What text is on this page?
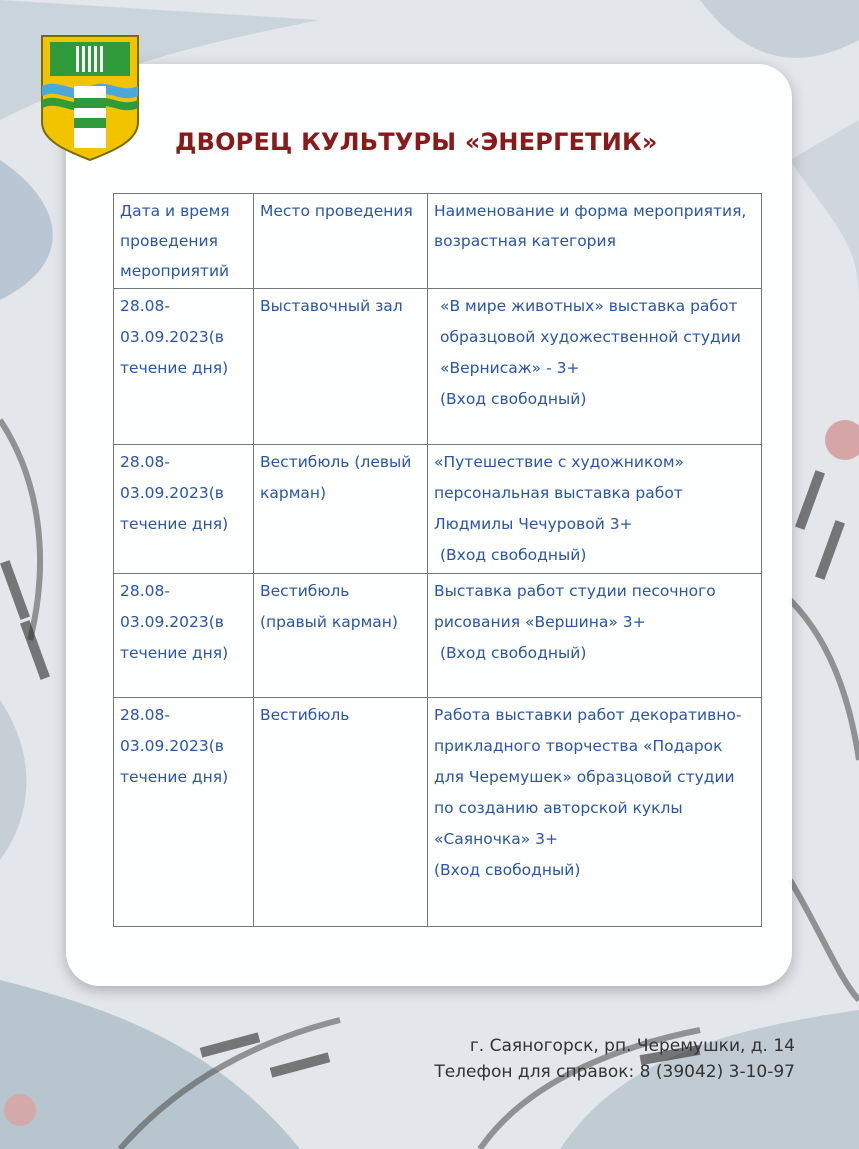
ДВОРЕЦ КУЛЬТУРЫ «ЭНЕРГЕТИК»
Дата и время проведения мероприятий	Место проведения	Наименование и форма мероприятия, возрастная категория
28.08-03.09.2023(в течение дня)	Выставочный зал	«В мире животных» выставка работ образцовой художественной студии «Вернисаж» - 3+
(Вход свободный)

28.08-03.09.2023(в течение дня)	Вестибюль (левый карман)	«Путешествие с художником» персональная выставка работ Людмилы Чечуровой 3+
(Вход свободный)

28.08-03.09.2023(в течение дня)	Вестибюль (правый карман)	Выставка работ студии песочного рисования «Вершина» 3+
(Вход свободный)

28.08-03.09.2023(в течение дня)	Вестибюль	Работа выставки работ декоративно-прикладного творчества «Подарок для Черемушек» образцовой студии по созданию авторской куклы «Саяночка» 3+
(Вход свободный)
г. Саяногорск, рп. Черемушки, д. 14
Телефон для справок: 8 (39042) 3-10-97
